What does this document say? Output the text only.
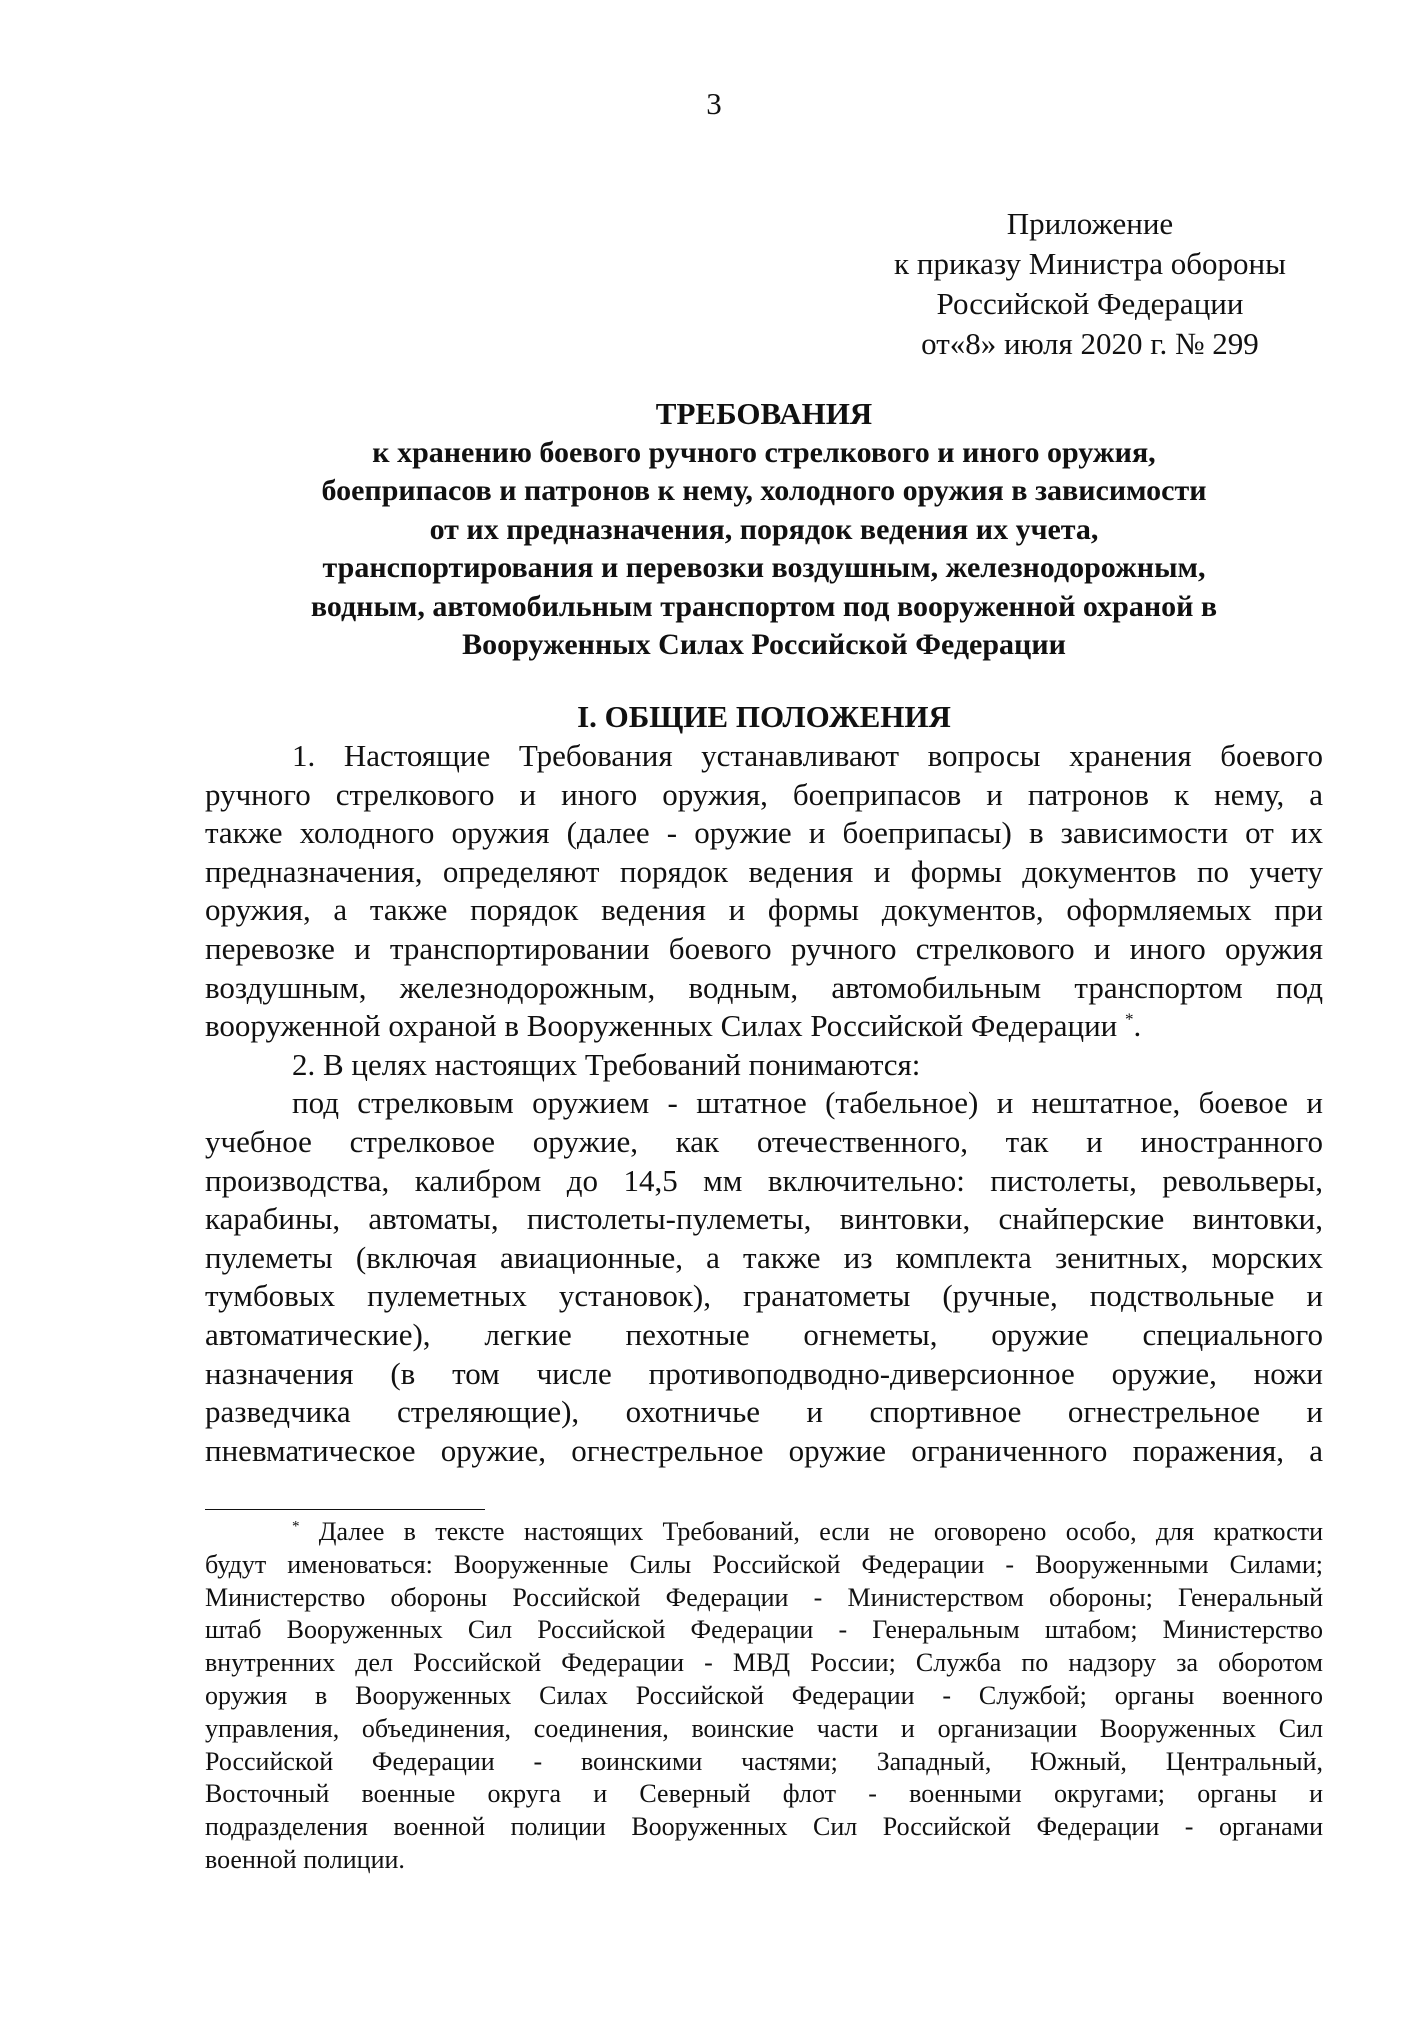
3
Приложение
к приказу Министра обороны
Российской Федерации
от«8» июля 2020 г. № 299
ТРЕБОВАНИЯ
к хранению боевого ручного стрелкового и иного оружия,
боеприпасов и патронов к нему, холодного оружия в зависимости
от их предназначения, порядок ведения их учета,
транспортирования и перевозки воздушным, железнодорожным,
водным, автомобильным транспортом под вооруженной охраной в
Вооруженных Силах Российской Федерации
I. ОБЩИЕ ПОЛОЖЕНИЯ
1. Настоящие Требования устанавливают вопросы хранения боевого
ручного стрелкового и иного оружия, боеприпасов и патронов к нему, а
также холодного оружия (далее - оружие и боеприпасы) в зависимости от их
предназначения, определяют порядок ведения и формы документов по учету
оружия, а также порядок ведения и формы документов, оформляемых при
перевозке и транспортировании боевого ручного стрелкового и иного оружия
воздушным, железнодорожным, водным, автомобильным транспортом под
вооруженной охраной в Вооруженных Силах Российской Федерации *.
2. В целях настоящих Требований понимаются:
под стрелковым оружием - штатное (табельное) и нештатное, боевое и
учебное стрелковое оружие, как отечественного, так и иностранного
производства, калибром до 14,5 мм включительно: пистолеты, револьверы,
карабины, автоматы, пистолеты-пулеметы, винтовки, снайперские винтовки,
пулеметы (включая авиационные, а также из комплекта зенитных, морских
тумбовых пулеметных установок), гранатометы (ручные, подствольные и
автоматические), легкие пехотные огнеметы, оружие специального
назначения (в том числе противоподводно-диверсионное оружие, ножи
разведчика стреляющие), охотничье и спортивное огнестрельное и
пневматическое оружие, огнестрельное оружие ограниченного поражения, а
* Далее в тексте настоящих Требований, если не оговорено особо, для краткости
будут именоваться: Вооруженные Силы Российской Федерации - Вооруженными Силами;
Министерство обороны Российской Федерации - Министерством обороны; Генеральный
штаб Вооруженных Сил Российской Федерации - Генеральным штабом; Министерство
внутренних дел Российской Федерации - МВД России; Служба по надзору за оборотом
оружия в Вооруженных Силах Российской Федерации - Службой; органы военного
управления, объединения, соединения, воинские части и организации Вооруженных Сил
Российской Федерации - воинскими частями; Западный, Южный, Центральный,
Восточный военные округа и Северный флот - военными округами; органы и
подразделения военной полиции Вооруженных Сил Российской Федерации - органами
военной полиции.
